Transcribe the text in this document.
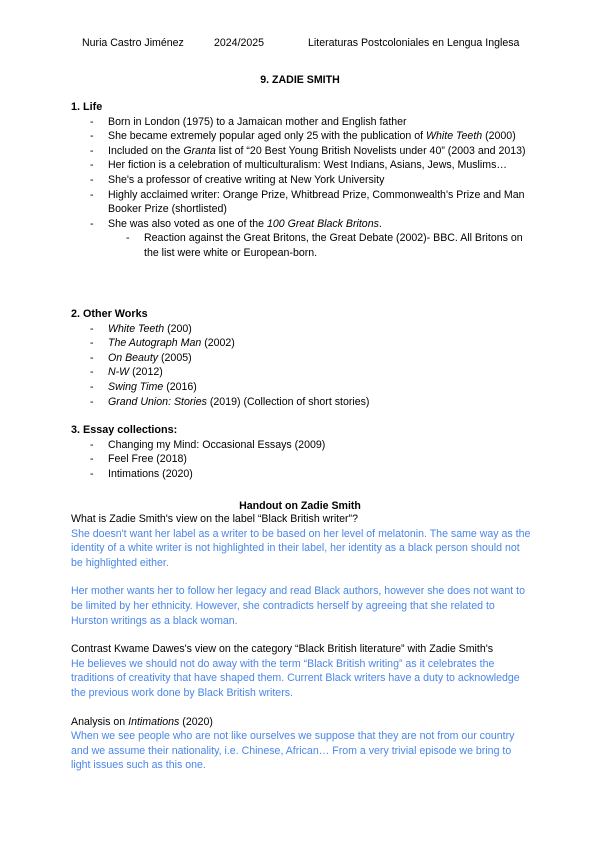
Nuria Castro Jiménez	2024/2025	Literaturas Postcoloniales en Lengua Inglesa
9. ZADIE SMITH
1. Life
- Born in London (1975) to a Jamaican mother and English father
- She became extremely popular aged only 25 with the publication of White Teeth (2000)
- Included on the Granta list of “20 Best Young British Novelists under 40” (2003 and 2013)
- Her fiction is a celebration of multiculturalism: West Indians, Asians, Jews, Muslims…
- She's a professor of creative writing at New York University
- Highly acclaimed writer: Orange Prize, Whitbread Prize, Commonwealth's Prize and Man Booker Prize (shortlisted)
- She was also voted as one of the 100 Great Black Britons.
- Reaction against the Great Britons, the Great Debate (2002)- BBC. All Britons on the list were white or European-born.
2. Other Works
- White Teeth (200)
- The Autograph Man (2002)
- On Beauty (2005)
- N-W (2012)
- Swing Time (2016)
- Grand Union: Stories (2019) (Collection of short stories)
3. Essay collections:
- Changing my Mind: Occasional Essays (2009)
- Feel Free (2018)
- Intimations (2020)
Handout on Zadie Smith
What is Zadie Smith's view on the label “Black British writer”?
She doesn't want her label as a writer to be based on her level of melatonin. The same way as the identity of a white writer is not highlighted in their label, her identity as a black person should not be highlighted either.
Her mother wants her to follow her legacy and read Black authors, however she does not want to be limited by her ethnicity. However, she contradicts herself by agreeing that she related to Hurston writings as a black woman.
Contrast Kwame Dawes's view on the category “Black British literature” with Zadie Smith's
He believes we should not do away with the term “Black British writing” as it celebrates the traditions of creativity that have shaped them. Current Black writers have a duty to acknowledge the previous work done by Black British writers.
Analysis on Intimations (2020)
When we see people who are not like ourselves we suppose that they are not from our country and we assume their nationality, i.e. Chinese, African… From a very trivial episode we bring to light issues such as this one.
